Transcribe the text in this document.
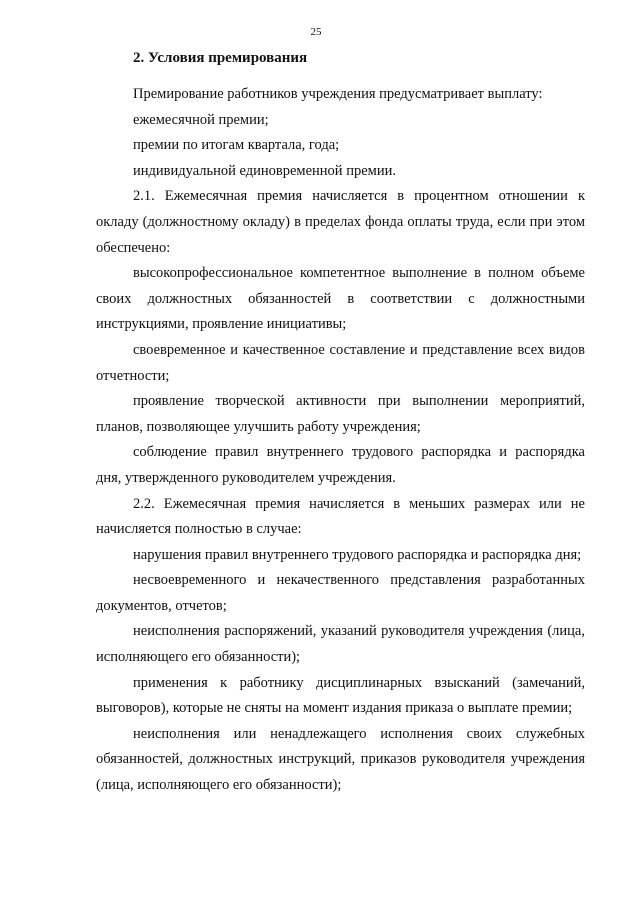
25
2. Условия премирования

Премирование работников учреждения предусматривает выплату:

ежемесячной премии;

премии по итогам квартала, года;

индивидуальной единовременной премии.

2.1. Ежемесячная премия начисляется в процентном отношении к окладу (должностному окладу) в пределах фонда оплаты труда, если при этом обеспечено:

высокопрофессиональное компетентное выполнение в полном объеме своих должностных обязанностей в соответствии с должностными инструкциями, проявление инициативы;

своевременное и качественное составление и представление всех видов отчетности;

проявление творческой активности при выполнении мероприятий, планов, позволяющее улучшить работу учреждения;

соблюдение правил внутреннего трудового распорядка и распорядка дня, утвержденного руководителем учреждения.

2.2. Ежемесячная премия начисляется в меньших размерах или не начисляется полностью в случае:

нарушения правил внутреннего трудового распорядка и распорядка дня;

несвоевременного и некачественного представления разработанных документов, отчетов;

неисполнения распоряжений, указаний руководителя учреждения (лица, исполняющего его обязанности);

применения к работнику дисциплинарных взысканий (замечаний, выговоров), которые не сняты на момент издания приказа о выплате премии;

неисполнения или ненадлежащего исполнения своих служебных обязанностей, должностных инструкций, приказов руководителя учреждения (лица, исполняющего его обязанности);
